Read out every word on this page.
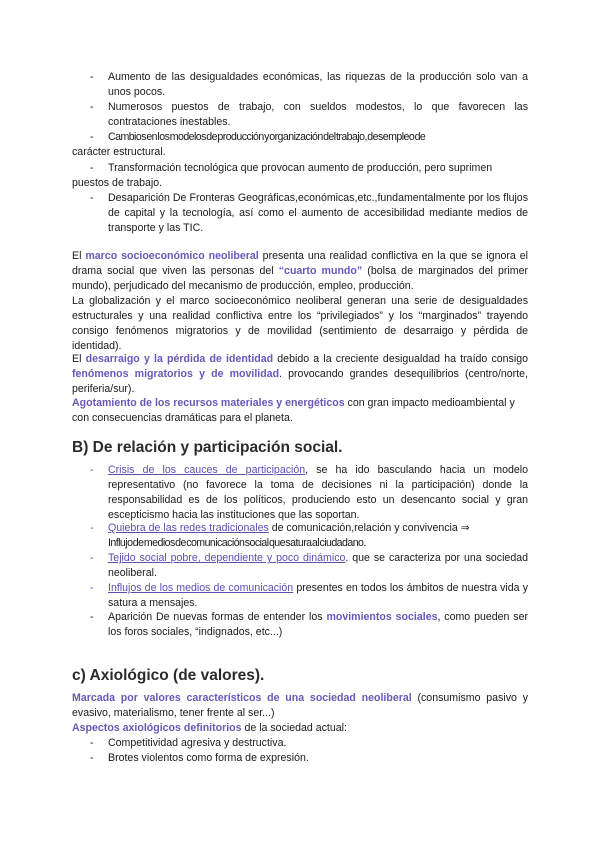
- Aumento de las desigualdades económicas, las riquezas de la producción solo van a unos pocos.

- Numerosos puestos de trabajo, con sueldos modestos, lo que favorecen las contrataciones inestables.

- Cambios en los modelos de producción y organización del trabajo, desempleo de

carácter estructural.

- Transformación tecnológica que provocan aumento de producción, pero suprimen

puestos de trabajo.

- Desaparición De Fronteras Geográficas,económicas,etc.,fundamentalmente por los flujos de capital y la tecnología, así como el aumento de accesibilidad mediante medios de transporte y las TIC.

El marco socioeconómico neoliberal presenta una realidad conflictiva en la que se ignora el drama social que viven las personas del “cuarto mundo” (bolsa de marginados del primer mundo), perjudicado del mecanismo de producción, empleo, producción.

La globalización y el marco socioeconómico neoliberal generan una serie de desigualdades estructurales y una realidad conflictiva entre los “privilegiados” y los “marginados” trayendo consigo fenómenos migratorios y de movilidad (sentimiento de desarraigo y pérdida de identidad).

El desarraigo y la pérdida de identidad debido a la creciente desigualdad ha traído consigo fenómenos migratorios y de movilidad. provocando grandes desequilibrios (centro/norte, periferia/sur).

Agotamiento de los recursos materiales y energéticos con gran impacto medioambiental y con consecuencias dramáticas para el planeta.

B) De relación y participación social.
- Crisis de los cauces de participación, se ha ido basculando hacia un modelo representativo (no favorece la toma de decisiones ni la participación) donde la responsabilidad es de los políticos, produciendo esto un desencanto social y gran escepticismo hacia las instituciones que las soportan.

- Quiebra de las redes tradicionales de comunicación,relación y convivencia ⇒

Influjo de medios de comunicación social que satura al ciudadano.

- Tejido social pobre, dependiente y poco dinámico. que se caracteriza por una sociedad neoliberal.

- Influjos de los medios de comunicación presentes en todos los ámbitos de nuestra vida y satura a mensajes.

- Aparición De nuevas formas de entender los movimientos sociales, como pueden ser los foros sociales, “indignados, etc...)

c) Axiológico (de valores).

Marcada por valores característicos de una sociedad neoliberal (consumismo pasivo y evasivo, materialismo, tener frente al ser...)

Aspectos axiológicos definitorios de la sociedad actual:

- Competitividad agresiva y destructiva.

- Brotes violentos como forma de expresión.
